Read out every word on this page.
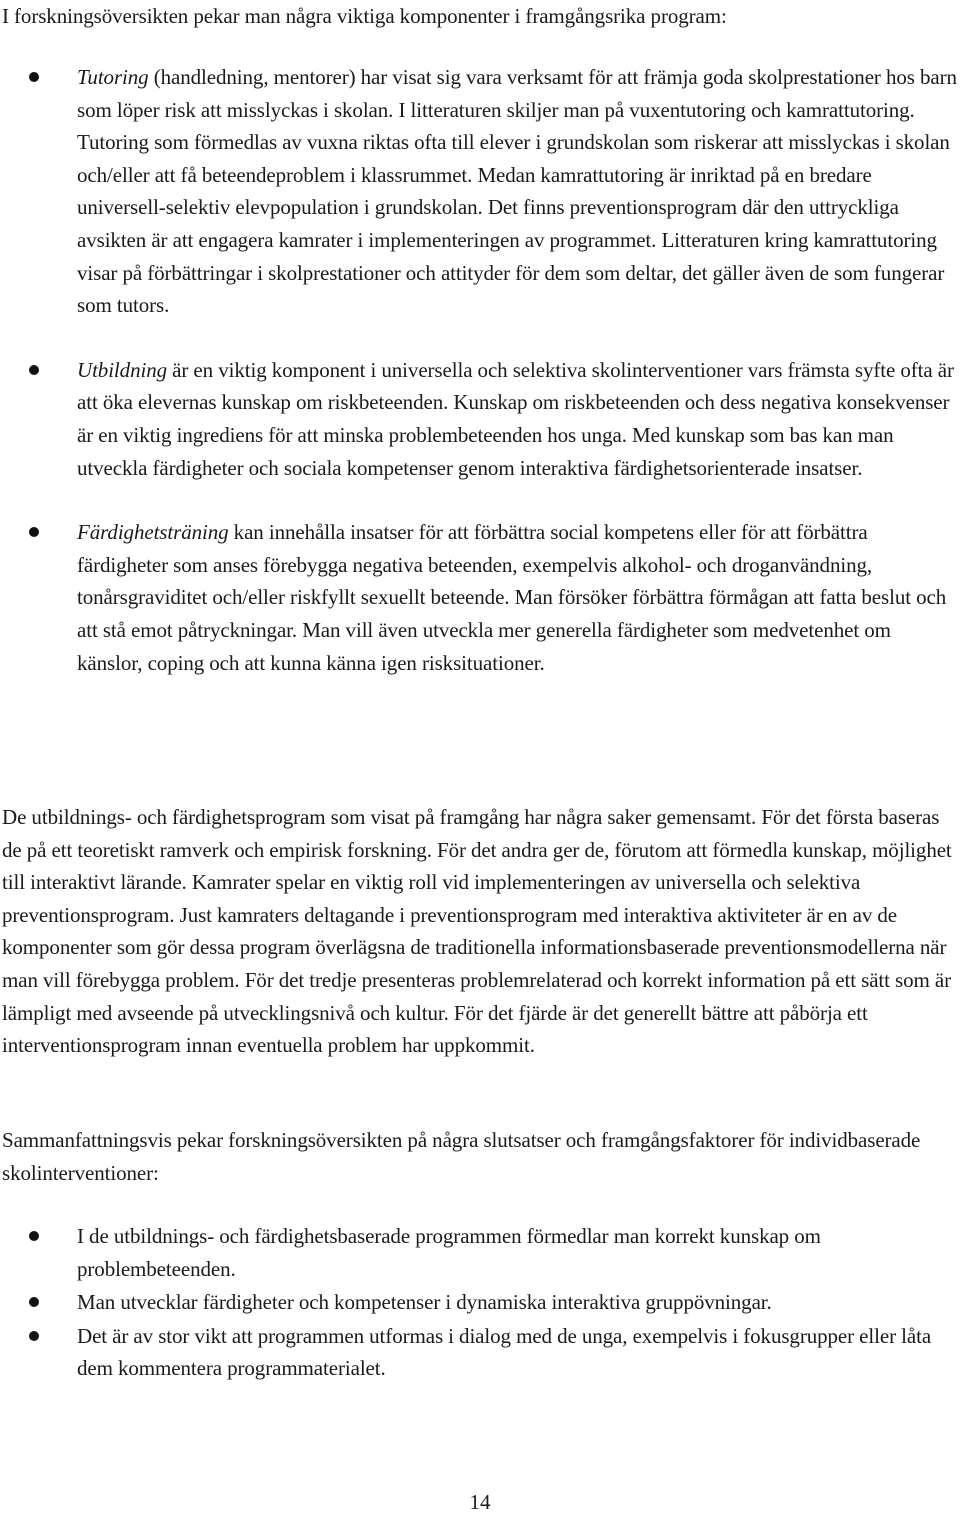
I forskningsöversikten pekar man några viktiga komponenter i framgångsrika program:

Tutoring (handledning, mentorer) har visat sig vara verksamt för att främja goda skolprestationer hos barn som löper risk att misslyckas i skolan. I litteraturen skiljer man på vuxentutoring och kamrattutoring. Tutoring som förmedlas av vuxna riktas ofta till elever i grundskolan som riskerar att misslyckas i skolan och/eller att få beteendeproblem i klassrummet. Medan kamrattutoring är inriktad på en bredare universell-selektiv elevpopulation i grundskolan. Det finns preventionsprogram där den uttryckliga avsikten är att engagera kamrater i implementeringen av programmet. Litteraturen kring kamrattutoring visar på förbättringar i skolprestationer och attityder för dem som deltar, det gäller även de som fungerar som tutors.
Utbildning är en viktig komponent i universella och selektiva skolinterventioner vars främsta syfte ofta är att öka elevernas kunskap om riskbeteenden. Kunskap om riskbeteenden och dess negativa konsekvenser är en viktig ingrediens för att minska problembeteenden hos unga. Med kunskap som bas kan man utveckla färdigheter och sociala kompetenser genom interaktiva färdighetsorienterade insatser.
Färdighetsträning kan innehålla insatser för att förbättra social kompetens eller för att förbättra färdigheter som anses förebygga negativa beteenden, exempelvis alkohol- och droganvändning, tonårsgraviditet och/eller riskfyllt sexuellt beteende. Man försöker förbättra förmågan att fatta beslut och att stå emot påtryckningar. Man vill även utveckla mer generella färdigheter som medvetenhet om känslor, coping och att kunna känna igen risksituationer.

De utbildnings- och färdighetsprogram som visat på framgång har några saker gemensamt. För det första baseras de på ett teoretiskt ramverk och empirisk forskning. För det andra ger de, förutom att förmedla kunskap, möjlighet till interaktivt lärande. Kamrater spelar en viktig roll vid implementeringen av universella och selektiva preventionsprogram. Just kamraters deltagande i preventionsprogram med interaktiva aktiviteter är en av de komponenter som gör dessa program överlägsna de traditionella informationsbaserade preventionsmodellerna när man vill förebygga problem. För det tredje presenteras problemrelaterad och korrekt information på ett sätt som är lämpligt med avseende på utvecklingsnivå och kultur. För det fjärde är det generellt bättre att påbörja ett interventionsprogram innan eventuella problem har uppkommit.

Sammanfattningsvis pekar forskningsöversikten på några slutsatser och framgångsfaktorer för individbaserade skolinterventioner:

I de utbildnings- och färdighetsbaserade programmen förmedlar man korrekt kunskap om problembeteenden.
Man utvecklar färdigheter och kompetenser i dynamiska interaktiva gruppövningar.
Det är av stor vikt att programmen utformas i dialog med de unga, exempelvis i fokusgrupper eller låta dem kommentera programmaterialet.
14
